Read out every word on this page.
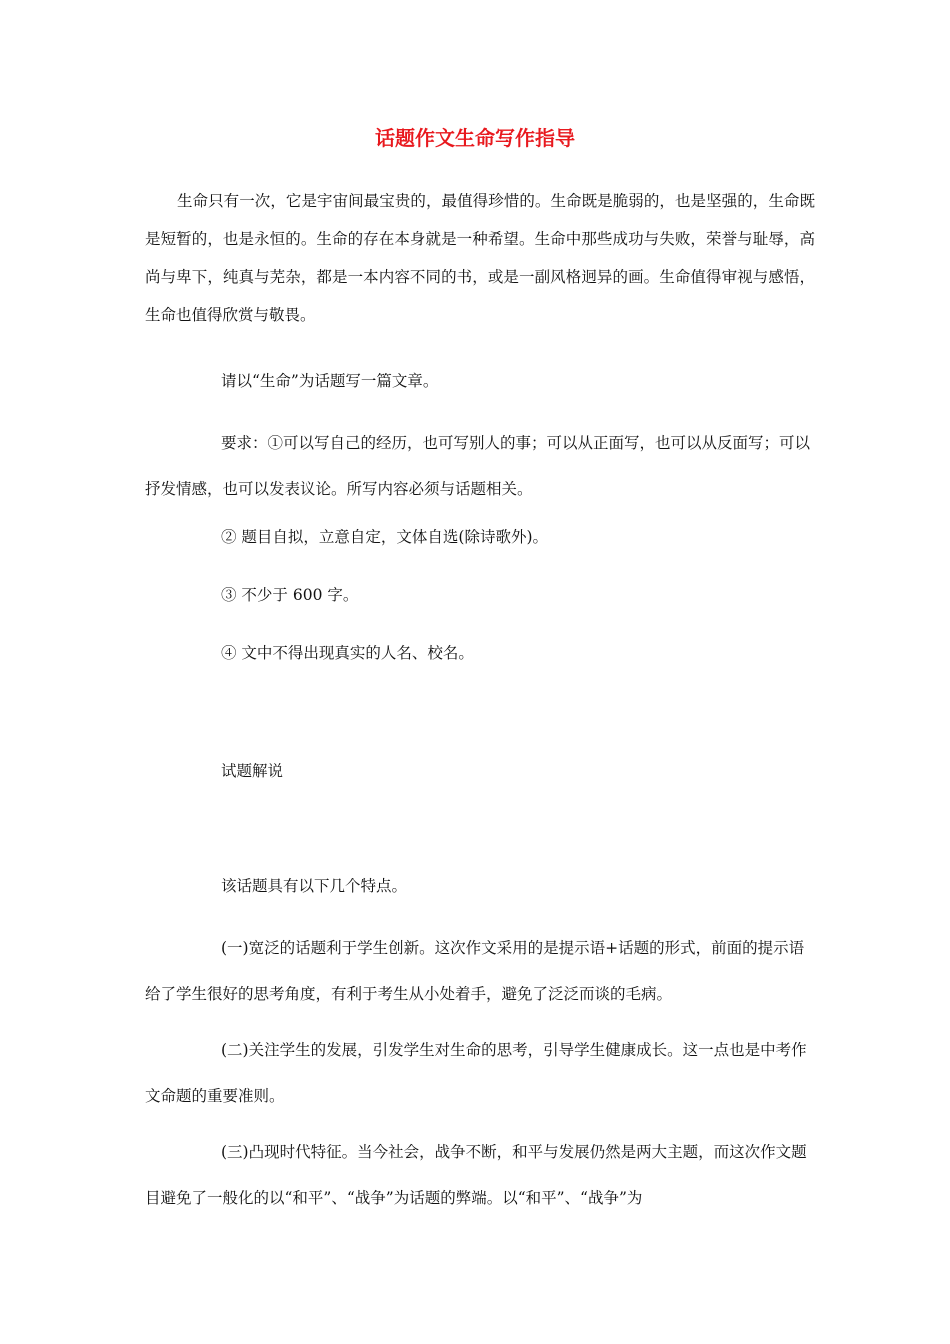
话题作文生命写作指导

生命只有一次，它是宇宙间最宝贵的，最值得珍惜的。生命既是脆弱的，也是坚强的，生命既是短暂的，也是永恒的。生命的存在本身就是一种希望。生命中那些成功与失败，荣誉与耻辱，高尚与卑下，纯真与芜杂，都是一本内容不同的书，或是一副风格迥异的画。生命值得审视与感悟，生命也值得欣赏与敬畏。

请以“生命”为话题写一篇文章。

要求：①可以写自己的经历，也可写别人的事；可以从正面写，也可以从反面写；可以抒发情感，也可以发表议论。所写内容必须与话题相关。

② 题目自拟，立意自定，文体自选(除诗歌外)。

③ 不少于 600 字。

④ 文中不得出现真实的人名、校名。

试题解说

该话题具有以下几个特点。

(一)宽泛的话题利于学生创新。这次作文采用的是提示语+话题的形式，前面的提示语给了学生很好的思考角度，有利于考生从小处着手，避免了泛泛而谈的毛病。

(二)关注学生的发展，引发学生对生命的思考，引导学生健康成长。这一点也是中考作文命题的重要准则。

(三)凸现时代特征。当今社会，战争不断，和平与发展仍然是两大主题，而这次作文题目避免了一般化的以“和平”、“战争”为话题的弊端。以“和平”、“战争”为
